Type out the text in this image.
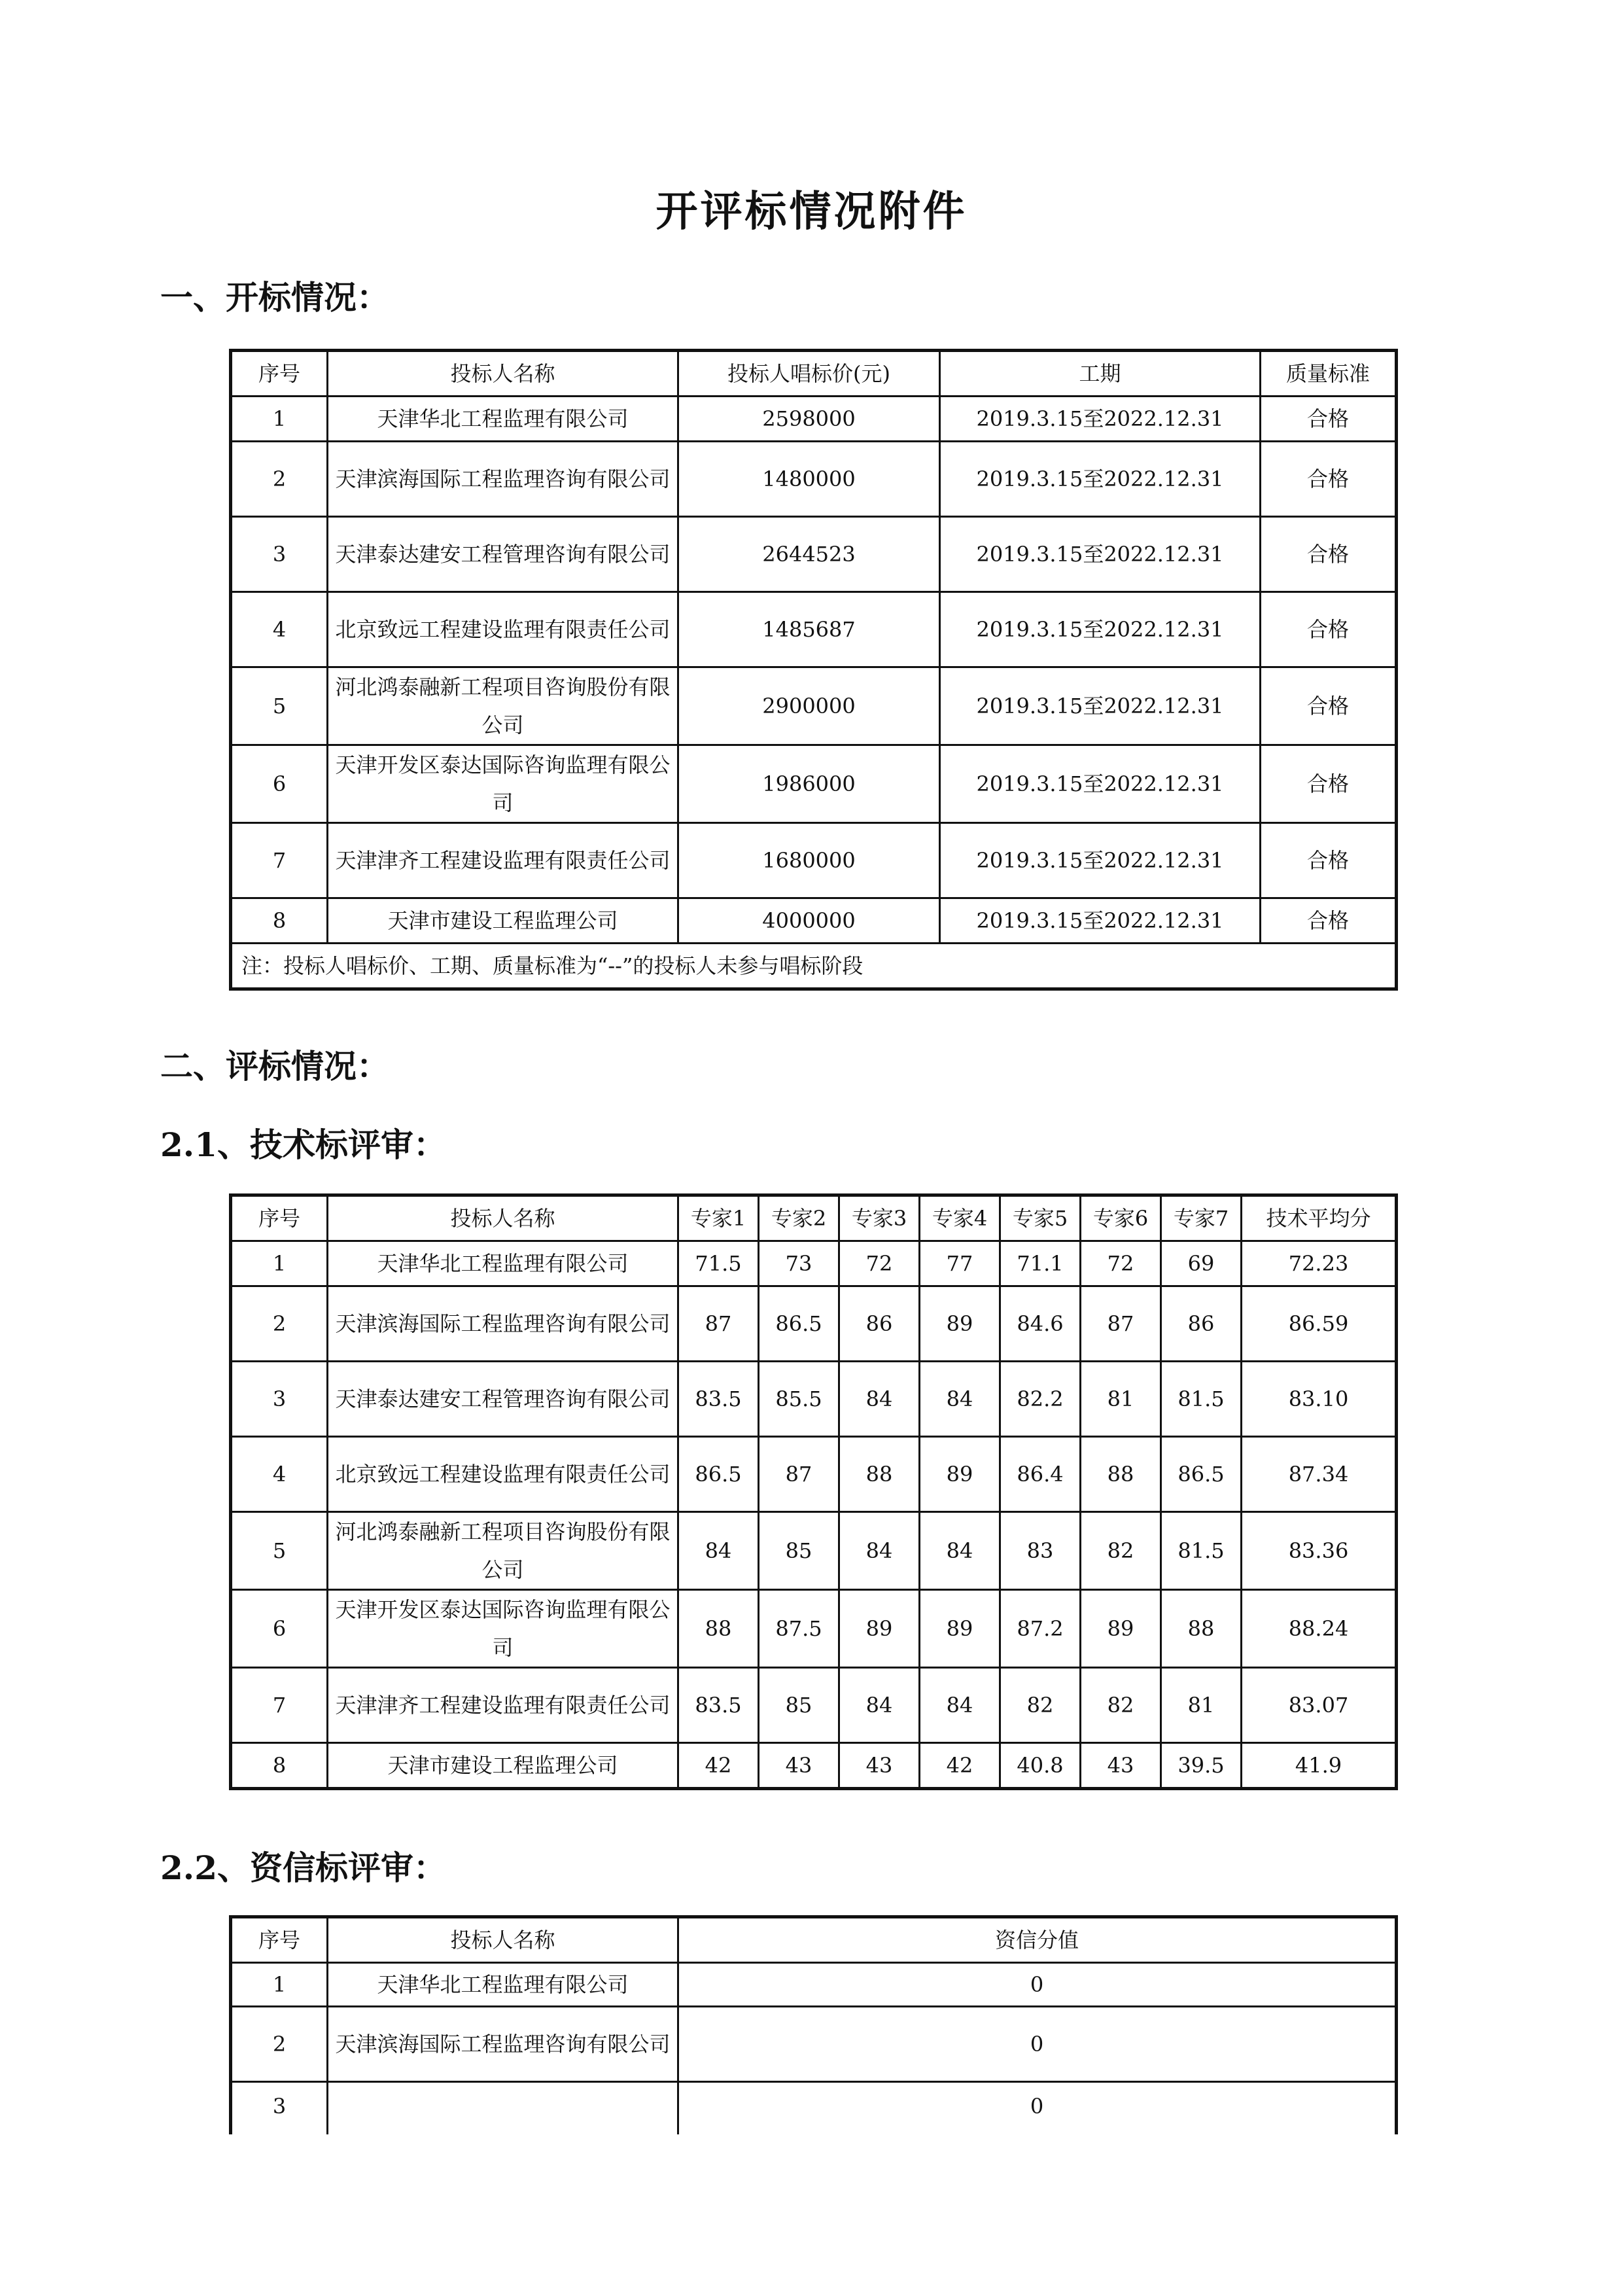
开评标情况附件
一、开标情况：
序号	投标人名称	投标人唱标价(元)	工期	质量标准
1	天津华北工程监理有限公司	2598000	2019.3.15至2022.12.31	合格
2	天津滨海国际工程监理咨询有限公司	1480000	2019.3.15至2022.12.31	合格
3	天津泰达建安工程管理咨询有限公司	2644523	2019.3.15至2022.12.31	合格
4	北京致远工程建设监理有限责任公司	1485687	2019.3.15至2022.12.31	合格
5	河北鸿泰融新工程项目咨询股份有限公司	2900000	2019.3.15至2022.12.31	合格
6	天津开发区泰达国际咨询监理有限公司	1986000	2019.3.15至2022.12.31	合格
7	天津津齐工程建设监理有限责任公司	1680000	2019.3.15至2022.12.31	合格
8	天津市建设工程监理公司	4000000	2019.3.15至2022.12.31	合格
注：投标人唱标价、工期、质量标准为“--”的投标人未参与唱标阶段				
二、评标情况：
2.1、技术标评审：
序号	投标人名称	专家1	专家2	专家3	专家4	专家5	专家6	专家7	技术平均分
1	天津华北工程监理有限公司	71.5	73	72	77	71.1	72	69	72.23
2	天津滨海国际工程监理咨询有限公司	87	86.5	86	89	84.6	87	86	86.59
3	天津泰达建安工程管理咨询有限公司	83.5	85.5	84	84	82.2	81	81.5	83.10
4	北京致远工程建设监理有限责任公司	86.5	87	88	89	86.4	88	86.5	87.34
5	河北鸿泰融新工程项目咨询股份有限公司	84	85	84	84	83	82	81.5	83.36
6	天津开发区泰达国际咨询监理有限公司	88	87.5	89	89	87.2	89	88	88.24
7	天津津齐工程建设监理有限责任公司	83.5	85	84	84	82	82	81	83.07
8	天津市建设工程监理公司	42	43	43	42	40.8	43	39.5	41.9
2.2、资信标评审：
序号	投标人名称	资信分值
1	天津华北工程监理有限公司	0
2	天津滨海国际工程监理咨询有限公司	0
3		0
